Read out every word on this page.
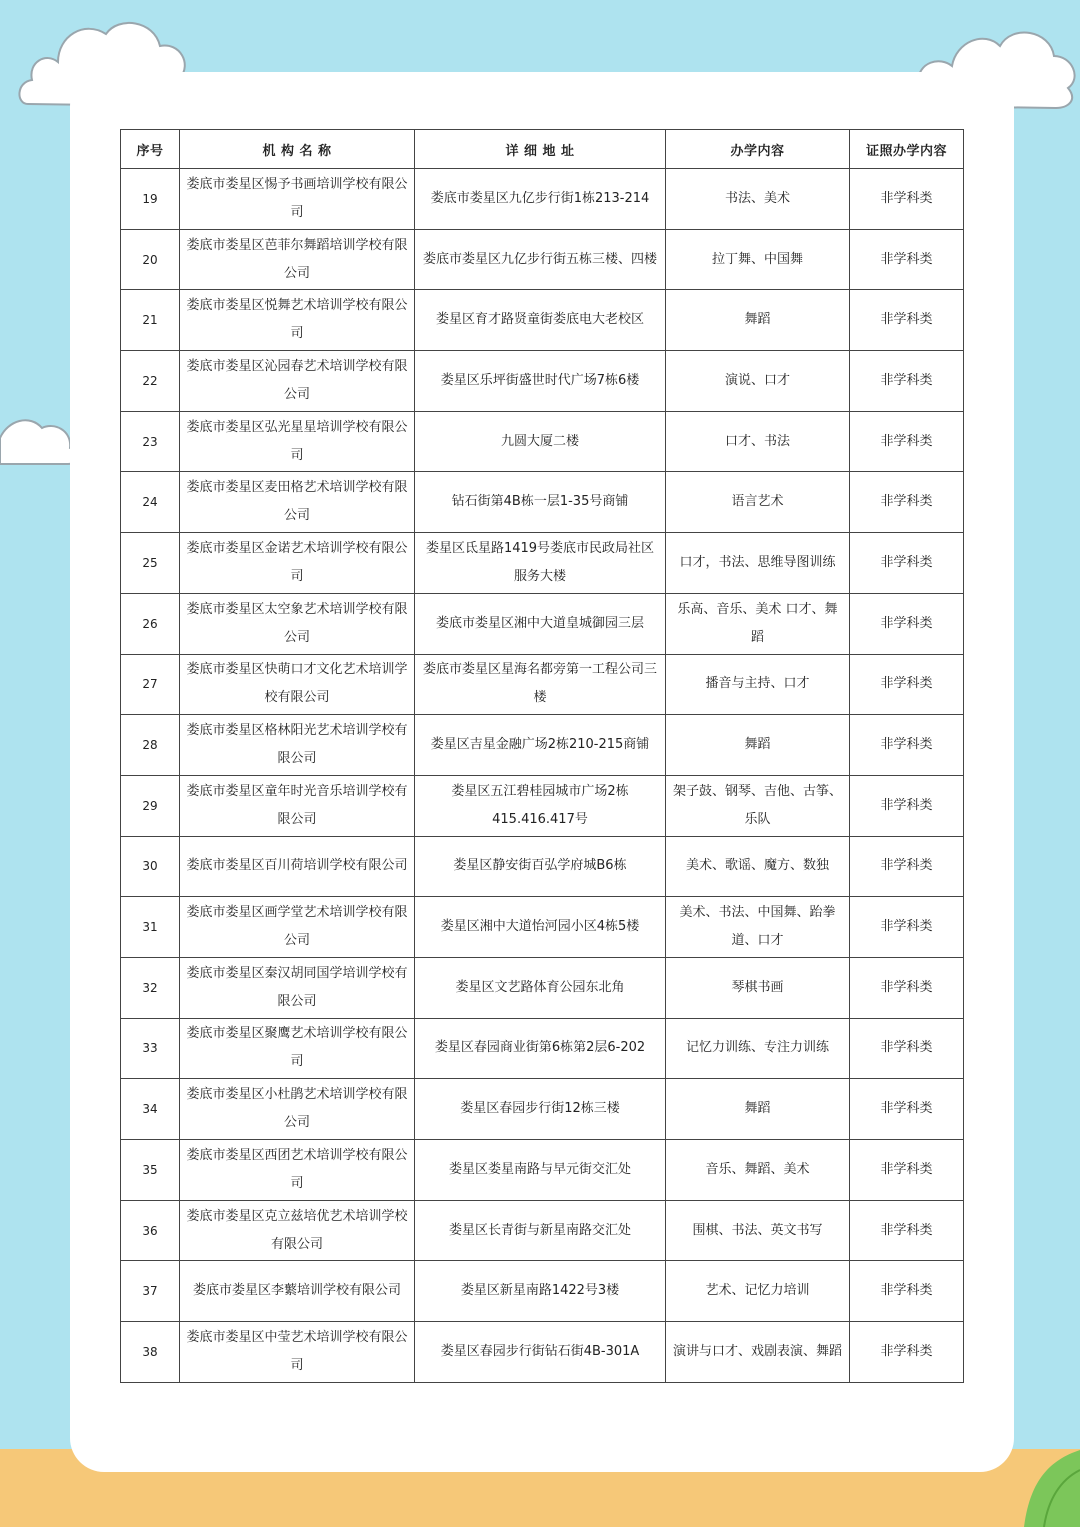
序号	机 构 名 称	详 细 地 址	办学内容	证照办学内容
19	娄底市娄星区惕予书画培训学校有限公司	娄底市娄星区九亿步行街1栋213-214	书法、美术	非学科类
20	娄底市娄星区芭菲尔舞蹈培训学校有限公司	娄底市娄星区九亿步行街五栋三楼、四楼	拉丁舞、中国舞	非学科类
21	娄底市娄星区悦舞艺术培训学校有限公司	娄星区育才路贤童街娄底电大老校区	舞蹈	非学科类
22	娄底市娄星区沁园春艺术培训学校有限公司	娄星区乐坪街盛世时代广场7栋6楼	演说、口才	非学科类
23	娄底市娄星区弘光星星培训学校有限公司	九圆大厦二楼	口才、书法	非学科类
24	娄底市娄星区麦田格艺术培训学校有限公司	钻石街第4B栋一层1-35号商铺	语言艺术	非学科类
25	娄底市娄星区金诺艺术培训学校有限公司	娄星区氐星路1419号娄底市民政局社区服务大楼	口才，书法、思维导图训练	非学科类
26	娄底市娄星区太空象艺术培训学校有限公司	娄底市娄星区湘中大道皇城御园三层	乐高、音乐、美术 口才、舞蹈	非学科类
27	娄底市娄星区快萌口才文化艺术培训学校有限公司	娄底市娄星区星海名都旁第一工程公司三楼	播音与主持、口才	非学科类
28	娄底市娄星区格林阳光艺术培训学校有限公司	娄星区吉星金融广场2栋210-215商铺	舞蹈	非学科类
29	娄底市娄星区童年时光音乐培训学校有限公司	娄星区五江碧桂园城市广场2栋415.416.417号	架子鼓、钢琴、吉他、古筝、乐队	非学科类
30	娄底市娄星区百川荷培训学校有限公司	娄星区静安街百弘学府城B6栋	美术、歌谣、魔方、数独	非学科类
31	娄底市娄星区画学堂艺术培训学校有限公司	娄星区湘中大道怡河园小区4栋5楼	美术、书法、中国舞、跆拳道、口才	非学科类
32	娄底市娄星区秦汉胡同国学培训学校有限公司	娄星区文艺路体育公园东北角	琴棋书画	非学科类
33	娄底市娄星区聚鹰艺术培训学校有限公司	娄星区春园商业街第6栋第2层6-202	记忆力训练、专注力训练	非学科类
34	娄底市娄星区小杜鹃艺术培训学校有限公司	娄星区春园步行街12栋三楼	舞蹈	非学科类
35	娄底市娄星区西团艺术培训学校有限公司	娄星区娄星南路与早元街交汇处	音乐、舞蹈、美术	非学科类
36	娄底市娄星区克立兹培优艺术培训学校有限公司	娄星区长青街与新星南路交汇处	围棋、书法、英文书写	非学科类
37	娄底市娄星区李蘩培训学校有限公司	娄星区新星南路1422号3楼	艺术、记忆力培训	非学科类
38	娄底市娄星区中莹艺术培训学校有限公司	娄星区春园步行街钻石街4B-301A	演讲与口才、戏剧表演、舞蹈	非学科类
